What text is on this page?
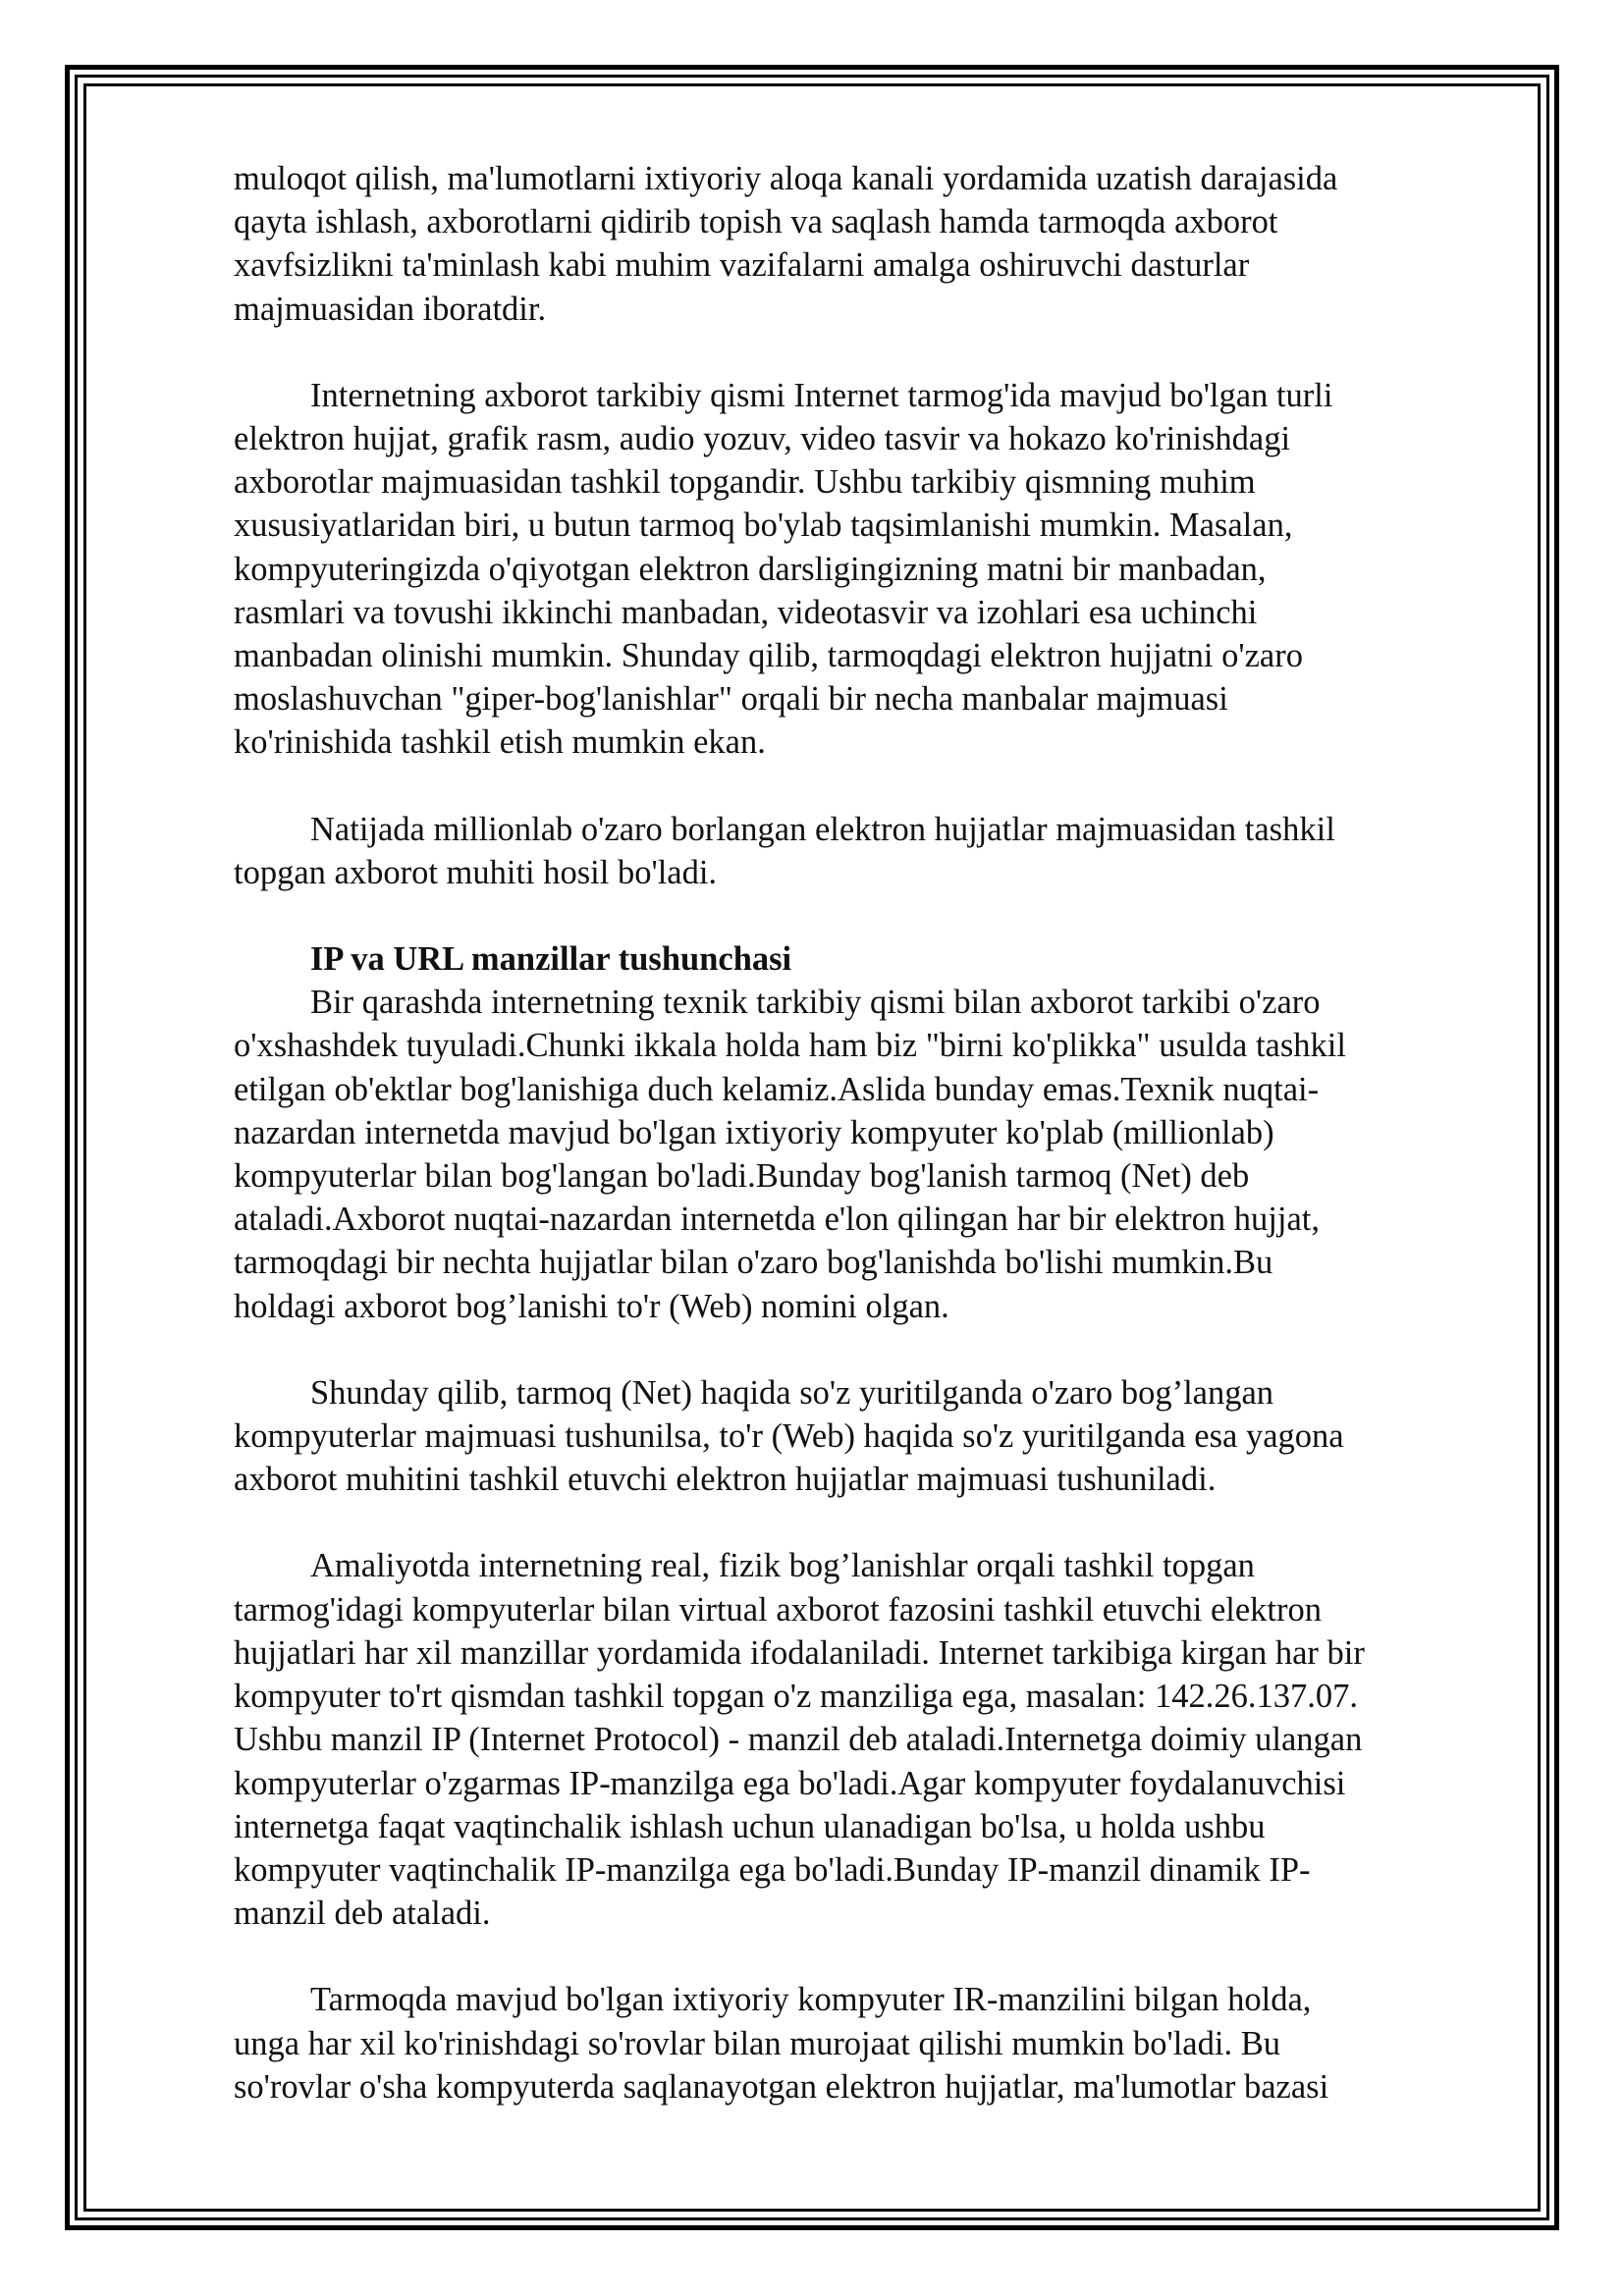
muloqot qilish, ma'lumotlarni ixtiyoriy aloqa kanali yordamida uzatish darajasida
qayta ishlash, axborotlarni qidirib topish va saqlash hamda tarmoqda axborot
xavfsizlikni ta'minlash kabi muhim vazifalarni amalga oshiruvchi dasturlar
majmuasidan iboratdir.

Internetning axborot tarkibiy qismi Internet tarmog'ida mavjud bo'lgan turli
elektron hujjat, grafik rasm, audio yozuv, video tasvir va hokazo ko'rinishdagi
axborotlar majmuasidan tashkil topgandir. Ushbu tarkibiy qismning muhim
xususiyatlaridan biri, u butun tarmoq bo'ylab taqsimlanishi mumkin. Masalan,
kompyuteringizda o'qiyotgan elektron darsligingizning matni bir manbadan,
rasmlari va tovushi ikkinchi manbadan, videotasvir va izohlari esa uchinchi
manbadan olinishi mumkin. Shunday qilib, tarmoqdagi elektron hujjatni o'zaro
moslashuvchan "giper-bog'lanishlar" orqali bir necha manbalar majmuasi
ko'rinishida tashkil etish mumkin ekan.

Natijada millionlab o'zaro borlangan elektron hujjatlar majmuasidan tashkil
topgan axborot muhiti hosil bo'ladi.

IP va URL manzillar tushunchasi

Bir qarashda internetning texnik tarkibiy qismi bilan axborot tarkibi o'zaro
o'xshashdek tuyuladi.Chunki ikkala holda ham biz "birni ko'plikka" usulda tashkil
etilgan ob'ektlar bog'lanishiga duch kelamiz.Aslida bunday emas.Texnik nuqtai-
nazardan internetda mavjud bo'lgan ixtiyoriy kompyuter ko'plab (millionlab)
kompyuterlar bilan bog'langan bo'ladi.Bunday bog'lanish tarmoq (Net) deb
ataladi.Axborot nuqtai-nazardan internetda e'lon qilingan har bir elektron hujjat,
tarmoqdagi bir nechta hujjatlar bilan o'zaro bog'lanishda bo'lishi mumkin.Bu
holdagi axborot bog’lanishi to'r (Web) nomini olgan.

Shunday qilib, tarmoq (Net) haqida so'z yuritilganda o'zaro bog’langan
kompyuterlar majmuasi tushunilsa, to'r (Web) haqida so'z yuritilganda esa yagona
axborot muhitini tashkil etuvchi elektron hujjatlar majmuasi tushuniladi.

Amaliyotda internetning real, fizik bog’lanishlar orqali tashkil topgan
tarmog'idagi kompyuterlar bilan virtual axborot fazosini tashkil etuvchi elektron
hujjatlari har xil manzillar yordamida ifodalaniladi. Internet tarkibiga kirgan har bir
kompyuter to'rt qismdan tashkil topgan o'z manziliga ega, masalan: 142.26.137.07.
Ushbu manzil IP (Internet Protocol) - manzil deb ataladi.Internetga doimiy ulangan
kompyuterlar o'zgarmas IP-manzilga ega bo'ladi.Agar kompyuter foydalanuvchisi
internetga faqat vaqtinchalik ishlash uchun ulanadigan bo'lsa, u holda ushbu
kompyuter vaqtinchalik IP-manzilga ega bo'ladi.Bunday IP-manzil dinamik IP-
manzil deb ataladi.

Tarmoqda mavjud bo'lgan ixtiyoriy kompyuter IR-manzilini bilgan holda,
unga har xil ko'rinishdagi so'rovlar bilan murojaat qilishi mumkin bo'ladi. Bu
so'rovlar o'sha kompyuterda saqlanayotgan elektron hujjatlar, ma'lumotlar bazasi
